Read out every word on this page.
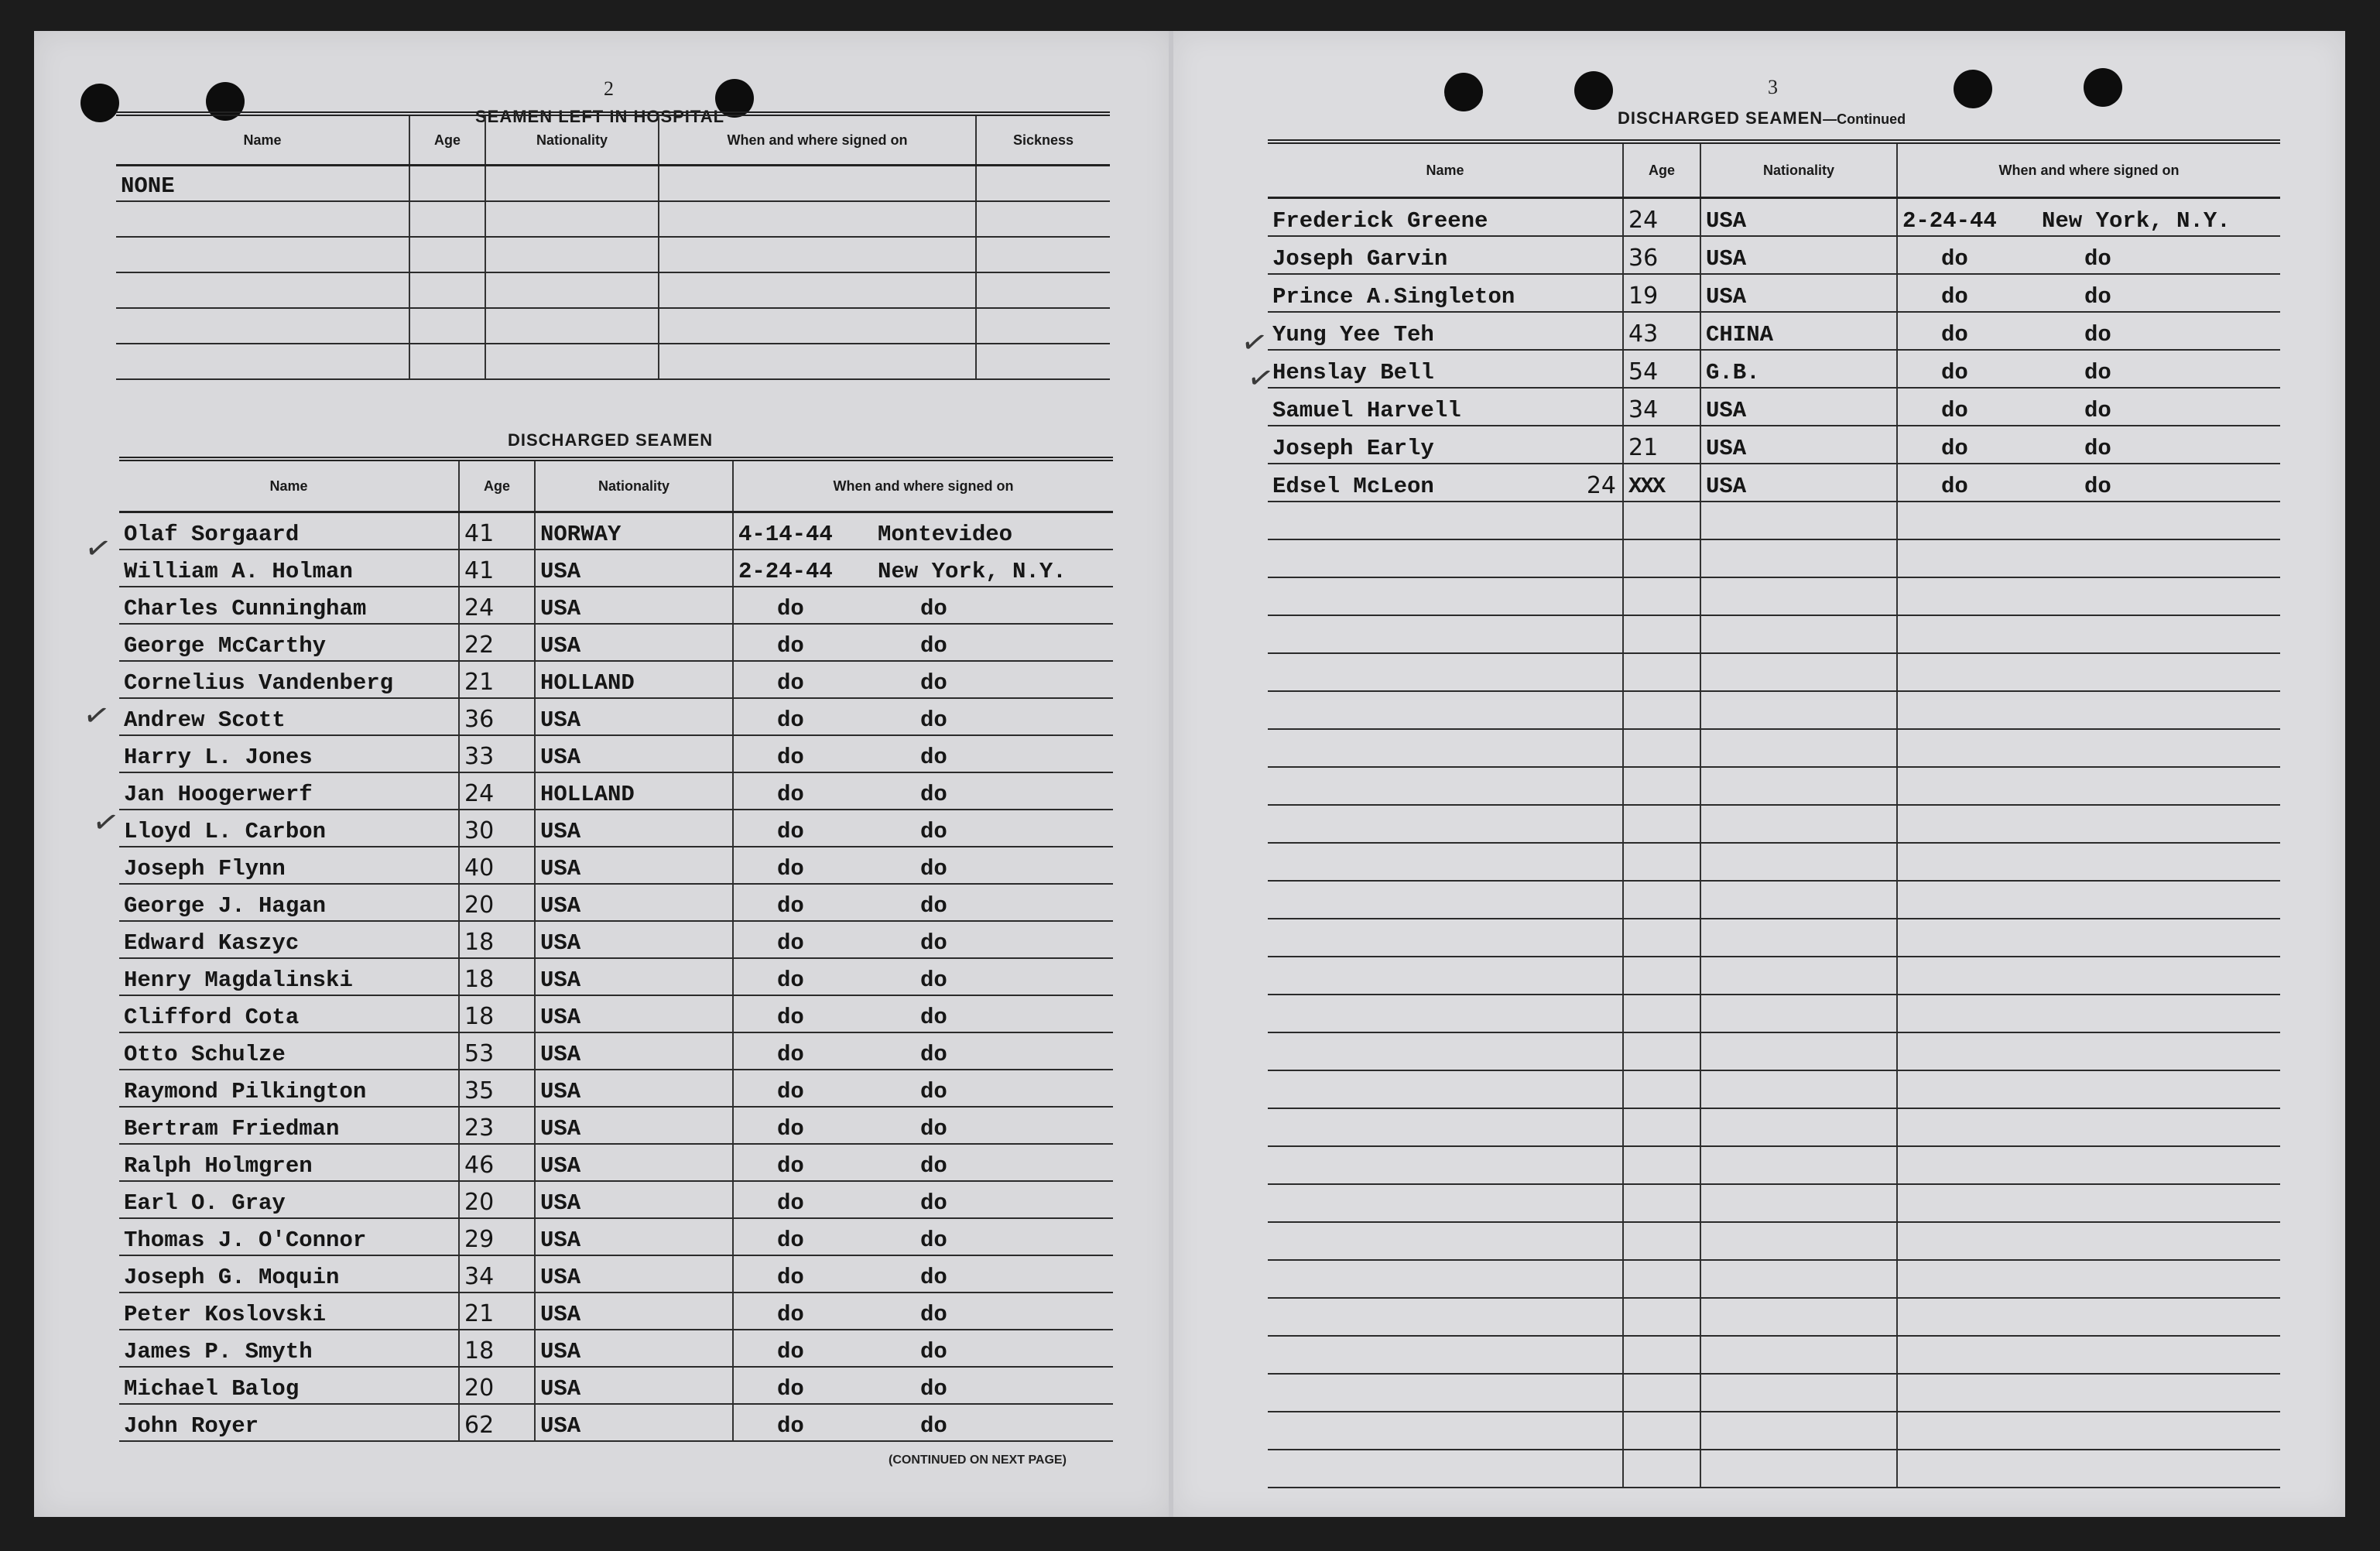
2
SEAMEN LEFT IN HOSPITAL
Name	Age	Nationality	When and where signed on	Sickness
NONE
DISCHARGED SEAMEN
Name	Age	Nationality	When and where signed on
Olaf Sorgaard	41	NORWAY	4-14-44	Montevideo
William A. Holman	41	USA	2-24-44	New York, N.Y.
Charles Cunningham	24	USA	do	do
George McCarthy	22	USA	do	do
Cornelius Vandenberg	21	HOLLAND	do	do
Andrew Scott	36	USA	do	do
Harry L. Jones	33	USA	do	do
Jan Hoogerwerf	24	HOLLAND	do	do
Lloyd L. Carbon	30	USA	do	do
Joseph Flynn	40	USA	do	do
George J. Hagan	20	USA	do	do
Edward Kaszyc	18	USA	do	do
Henry Magdalinski	18	USA	do	do
Clifford Cota	18	USA	do	do
Otto Schulze	53	USA	do	do
Raymond Pilkington	35	USA	do	do
Bertram Friedman	23	USA	do	do
Ralph Holmgren	46	USA	do	do
Earl O. Gray	20	USA	do	do
Thomas J. O'Connor	29	USA	do	do
Joseph G. Moquin	34	USA	do	do
Peter Koslovski	21	USA	do	do
James P. Smyth	18	USA	do	do
Michael Balog	20	USA	do	do
John Royer	62	USA	do	do
(CONTINUED ON NEXT PAGE)
3
DISCHARGED SEAMEN—Continued
Name	Age	Nationality	When and where signed on
Frederick Greene	24	USA	2-24-44	New York, N.Y.
Joseph Garvin	36	USA	do	do
Prince A.Singleton	19	USA	do	do
Yung Yee Teh	43	CHINA	do	do
Henslay Bell	54	G.B.	do	do
Samuel Harvell	34	USA	do	do
Joseph Early	21	USA	do	do
Edsel McLeon	24 XXX	USA	do	do
✓
✓
✓
✓
✓
